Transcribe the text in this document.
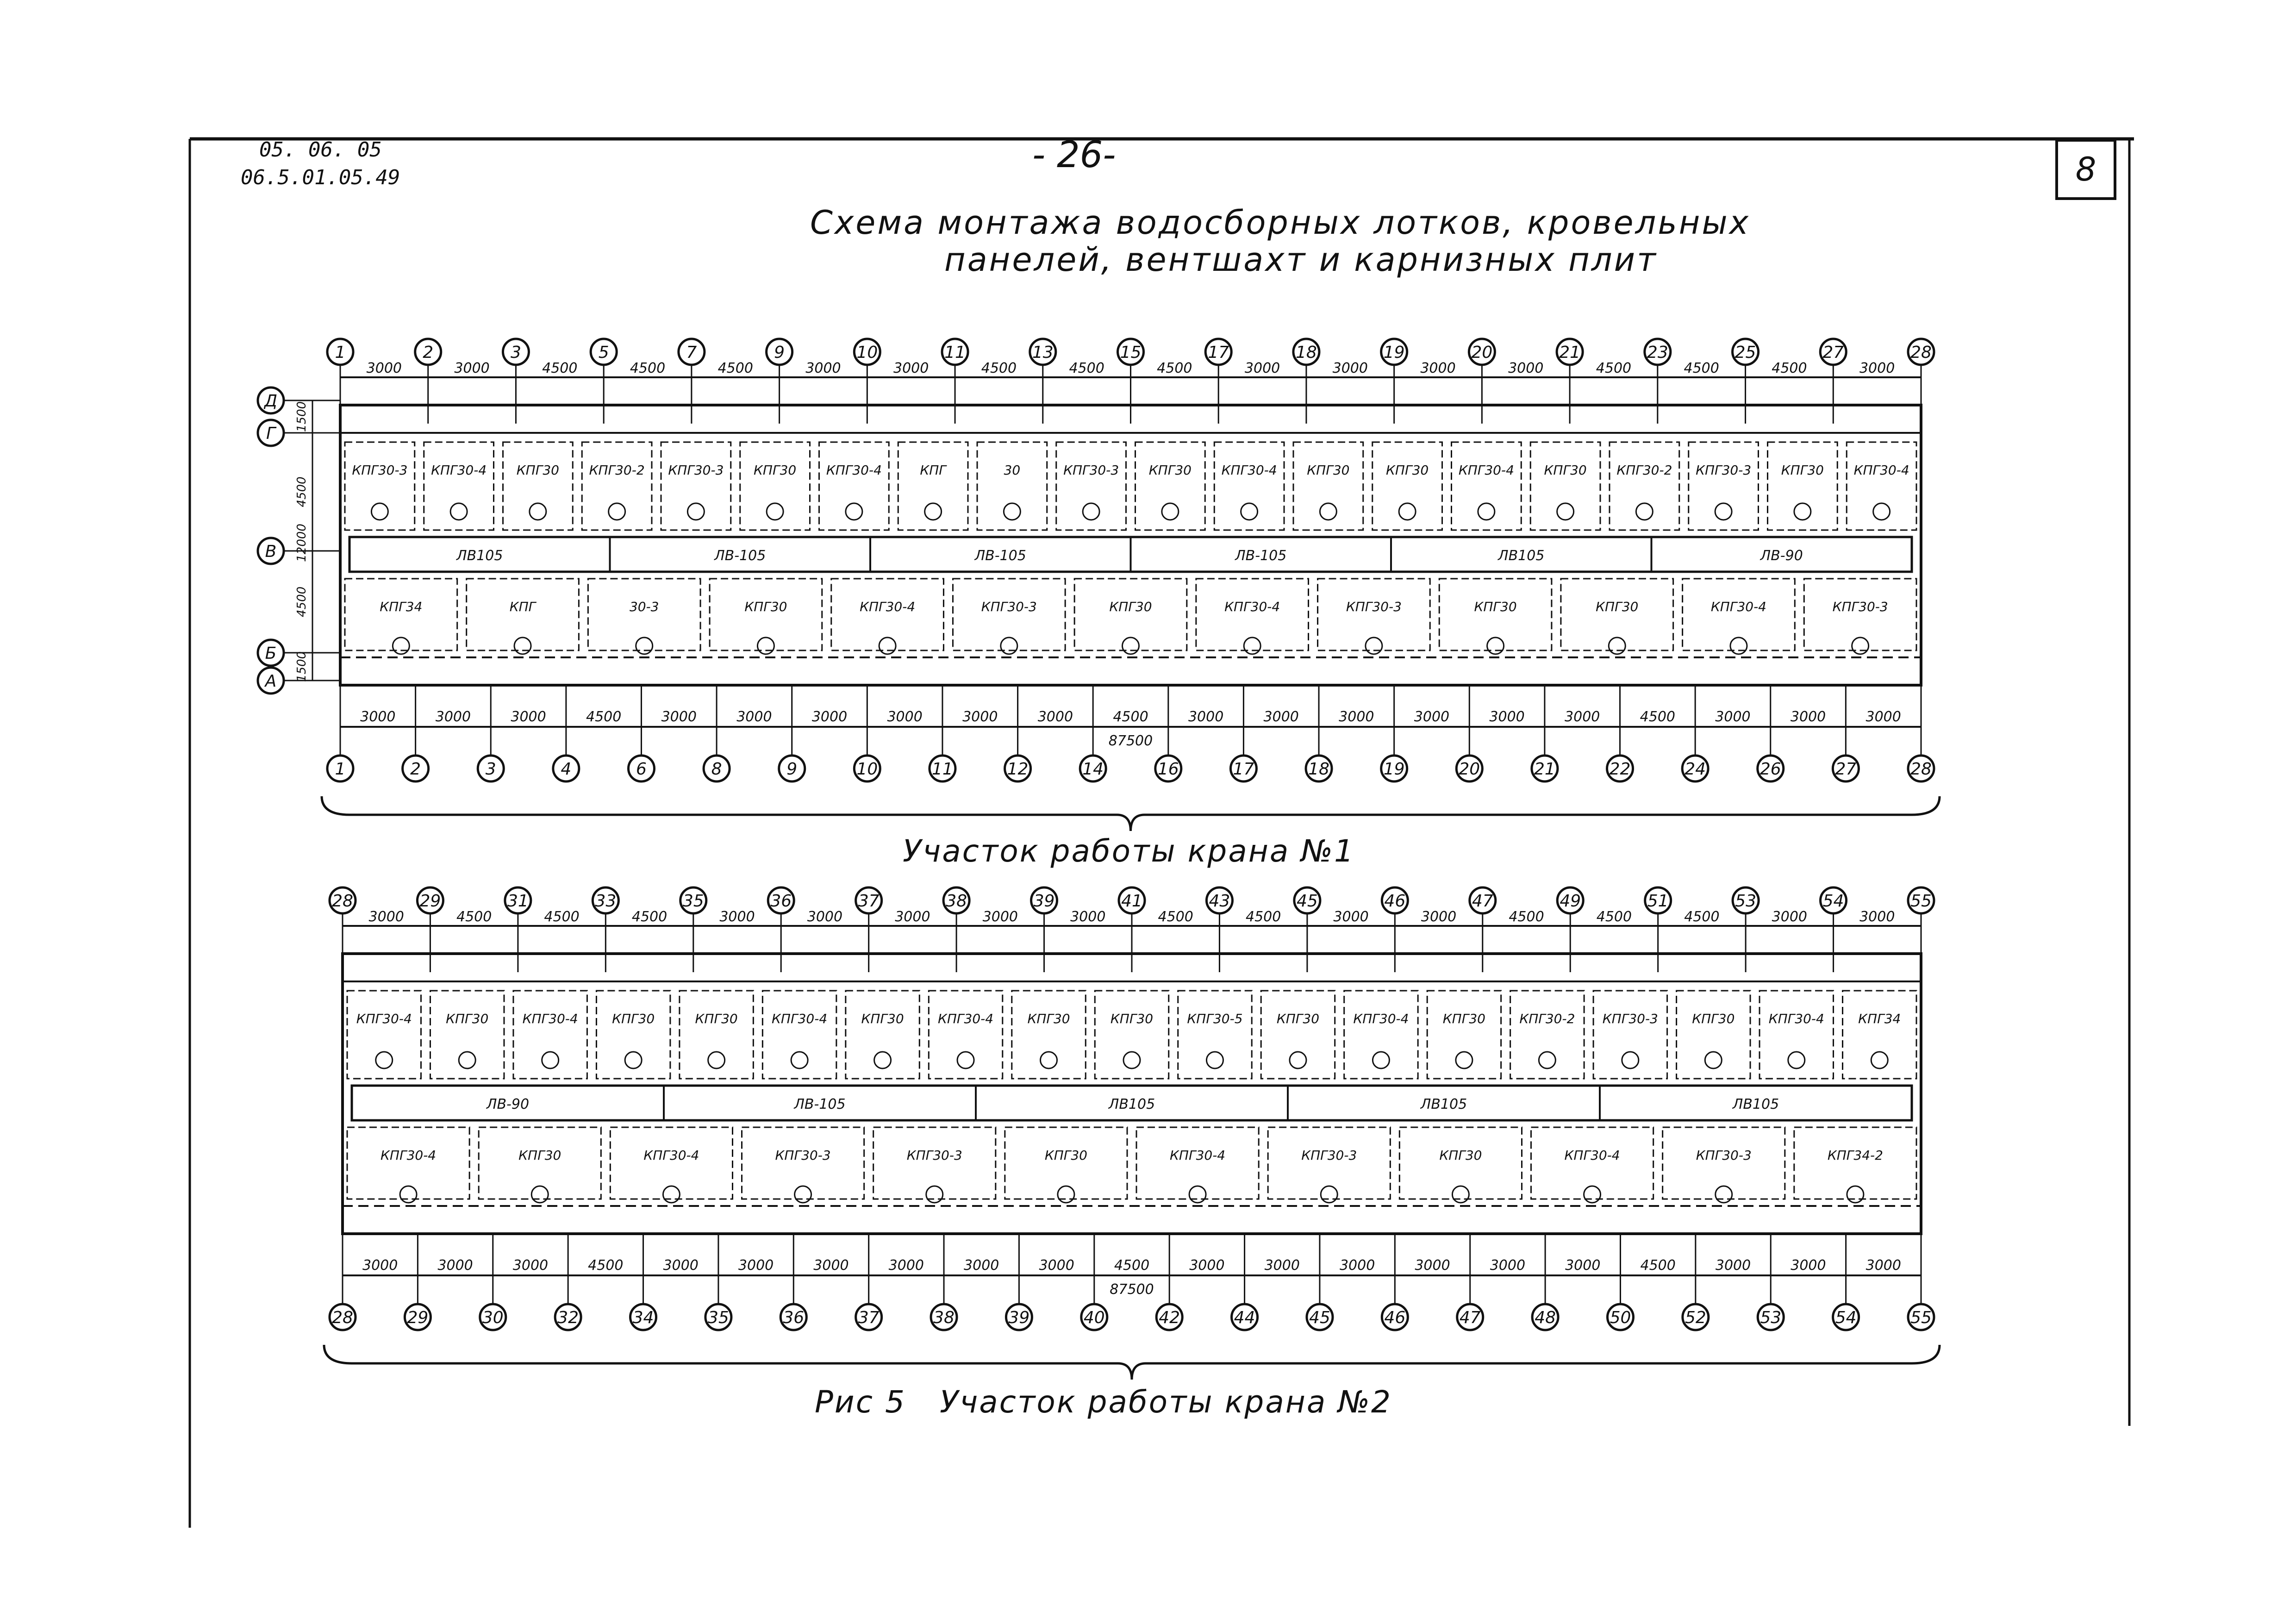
1	2	3	5	7	9	10	11	13	15	17	18	19	20	21	23	25	27	28
3000	3000	4500	4500	4500	3000	3000	4500	4500	4500	3000	3000	3000	3000	4500	4500	4500	3000
КПГ30-3 КПГ30-4 КПГ30 КПГ30-2 КПГ30-3 КПГ30 КПГ30-4	КПГ	30	КПГ30-3 КПГ30 КПГ30-4 КПГ30	КПГ30 КПГ30-4 КПГ30 КПГ30-2 КПГ30-3 КПГ30 КПГ30-4
ЛВ105	ЛВ-105	ЛВ-105	ЛВ-105	ЛВ105	ЛВ-90
КПГ34	КПГ	30-3	КПГ30	КПГ30-4	КПГ30-3	КПГ30	КПГ30-4	КПГ30-3	КПГ30	КПГ30	КПГ30-4	КПГ30-3
Д
Г
В
Б
А
1500
4500
12000
4500
1500
1	2	3	4	6	8	9	10	11	12	14	16	17	18	19	20	21	22	24	26	27	28
3000	3000	3000	4500	3000	3000	3000	3000	3000	3000	4500	3000	3000	3000	3000	3000	3000	4500	3000	3000	3000
87500
28	29	31	33	35	36	37	38	39	41	43	45	46	47	49	51	53	54	55
3000	4500	4500	4500	3000	3000	3000	3000	3000	4500	4500	3000	3000	4500	4500	4500	3000	3000
КПГ30-4	КПГ30	КПГ30-4	КПГ30	КПГ30	КПГ30-4	КПГ30	КПГ30-4	КПГ30	КПГ30	КПГ30-5	КПГ30	КПГ30-4	КПГ30	КПГ30-2 КПГ30-3	КПГ30	КПГ30-4	КПГ34
ЛВ-90	ЛВ-105	ЛВ105	ЛВ105	ЛВ105
КПГ30-4	КПГ30	КПГ30-4	КПГ30-3	КПГ30-3	КПГ30	КПГ30-4	КПГ30-3	КПГ30	КПГ30-4	КПГ30-3	КПГ34-2
28	29	30	32	34	35	36	37	38	39	40	42	44	45	46	47	48	50	52	53	54	55
3000	3000	3000	4500	3000	3000	3000	3000	3000	3000	4500	3000	3000	3000	3000	3000	3000	4500	3000	3000	3000
87500
05. 06. 05
06.5.01.05.49
- 26-	8
Схема монтажа водосборных лотков, кровельных
панелей, вентшахт и карнизных плит
Участок работы крана №1
Рис 5 Участок работы крана №2
